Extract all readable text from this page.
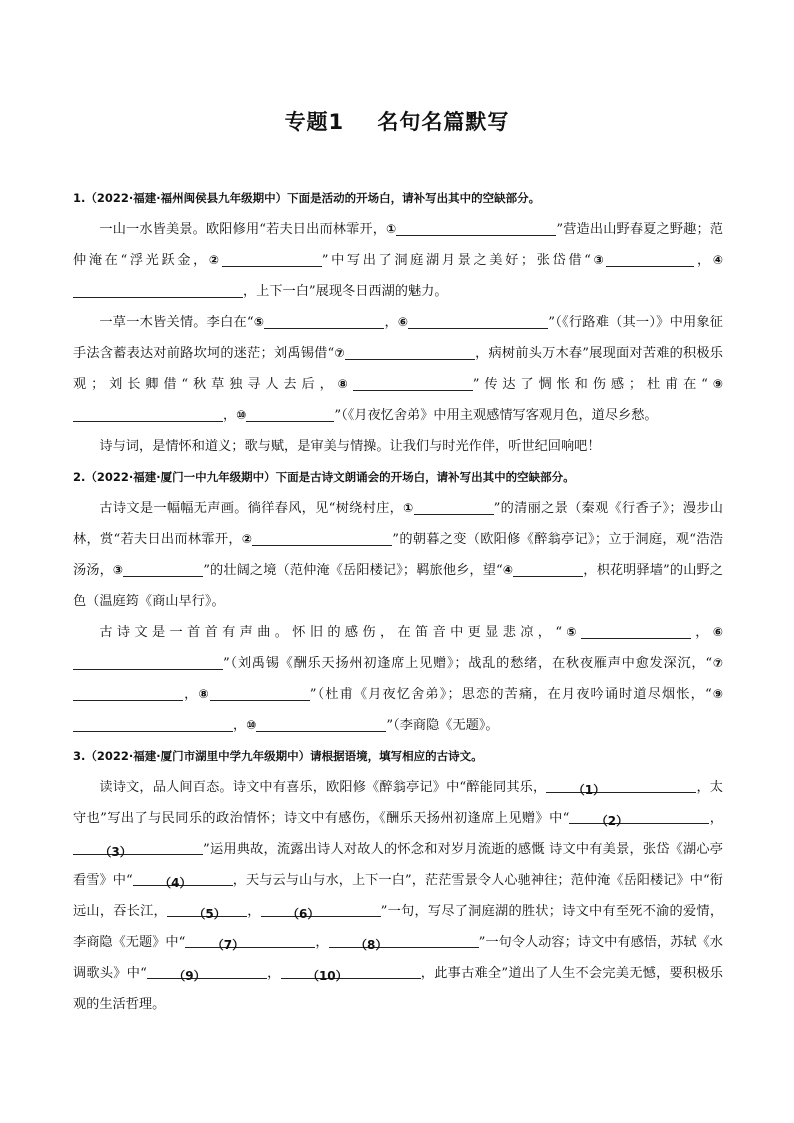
专题1    名句名篇默写

1.（2022·福建·福州闽侯县九年级期中）下面是活动的开场白，请补写出其中的空缺部分。

一山一水皆美景。欧阳修用“若夫日出而林霏开，①	”营造出山野春夏之野趣；范仲淹在“浮光跃金，②	”中写出了洞庭湖月景之美好；张岱借“③	，④，上下一白”展现冬日西湖的魅力。

一草一木皆关情。李白在“⑤	，⑥	”（《行路难（其一）》中用象征手法含蓄表达对前路坎坷的迷茫；刘禹锡借“⑦	，病树前头万木春”展现面对苦难的积极乐观；刘长卿借“秋草独寻人去后，⑧	”传达了惆怅和伤感；杜甫在“⑨，⑩	”（《月夜忆舍弟》中用主观感情写客观月色，道尽乡愁。

诗与词，是情怀和道义；歌与赋，是审美与情操。让我们与时光作伴，听世纪回响吧！

2.（2022·福建·厦门一中九年级期中）下面是古诗文朗诵会的开场白，请补写出其中的空缺部分。

古诗文是一幅幅无声画。徜徉春风，见“树绕村庄，①	”的清丽之景（秦观《行香子》；漫步山林，赏“若夫日出而林霏开，②	”的朝暮之变（欧阳修《醉翁亭记》；立于洞庭，观“浩浩汤汤，③	”的壮阔之境（范仲淹《岳阳楼记》；羁旅他乡，望“④	，枳花明驿墙”的山野之色（温庭筠《商山早行》。

古诗文是一首首有声曲。怀旧的感伤，在笛音中更显悲凉，“⑤	，⑥”（刘禹锡《酬乐天扬州初逢席上见赠》；战乱的愁绪，在秋夜雁声中愈发深沉，“⑦，⑧	”（杜甫《月夜忆舍弟》；思恋的苦痛，在月夜吟诵时道尽烟怅，“⑨，⑩	”（李商隐《无题》。

3.（2022·福建·厦门市湖里中学九年级期中）请根据语境，填写相应的古诗文。

读诗文，品人间百态。诗文中有喜乐，欧阳修《醉翁亭记》中“醉能同其乐， （1）	，太守也”写出了与民同乐的政治情怀；诗文中有感伤，《酬乐天扬州初逢席上见赠》中“ （2）	，（3）	”运用典故，流露出诗人对故人的怀念和对岁月流逝的感慨 诗文中有美景，张岱《湖心亭看雪》中“ （4）	，天与云与山与水，上下一白”，茫茫雪景令人心驰神往；范仲淹《岳阳楼记》中“衔远山，吞长江， （5） ， （6）	”一句，写尽了洞庭湖的胜状；诗文中有至死不渝的爱情，李商隐《无题》中“ （7）	， （8）	”一句令人动容；诗文中有感悟，苏轼《水调歌头》中“ （9）	， （10）	，此事古难全”道出了人生不会完美无憾，要积极乐观的生活哲理。
